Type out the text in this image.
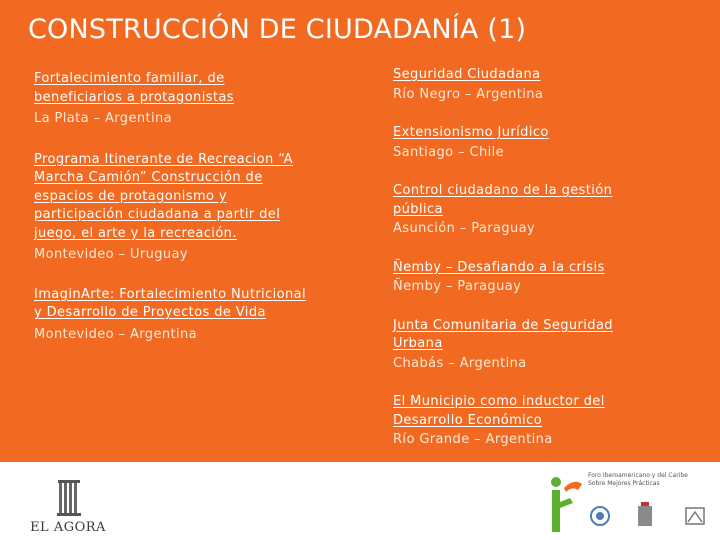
CONSTRUCCIÓN DE CIUDADANÍA (1)
Fortalecimiento familiar, de beneficiarios a protagonistas
La Plata – Argentina
Programa Itinerante de Recreacion “A Marcha Camión” Construcción de espacios de protagonismo y participación ciudadana a partir del juego, el arte y la recreación.
Montevideo – Uruguay
ImaginArte: Fortalecimiento Nutricional y Desarrollo de Proyectos de Vida
Montevideo – Argentina
Seguridad Ciudadana
Río Negro – Argentina
Extensionismo Jurídico
Santiago – Chile
Control ciudadano de la gestión pública
Asunción – Paraguay
Ñemby – Desafiando a la crisis
Ñemby – Paraguay
Junta Comunitaria de Seguridad Urbana
Chabás – Argentina
El Municipio como inductor del Desarrollo Económico
Río Grande – Argentina
EL AGORA
Foro Iberoamericano y del Caribe
Sobre Mejores Prácticas
